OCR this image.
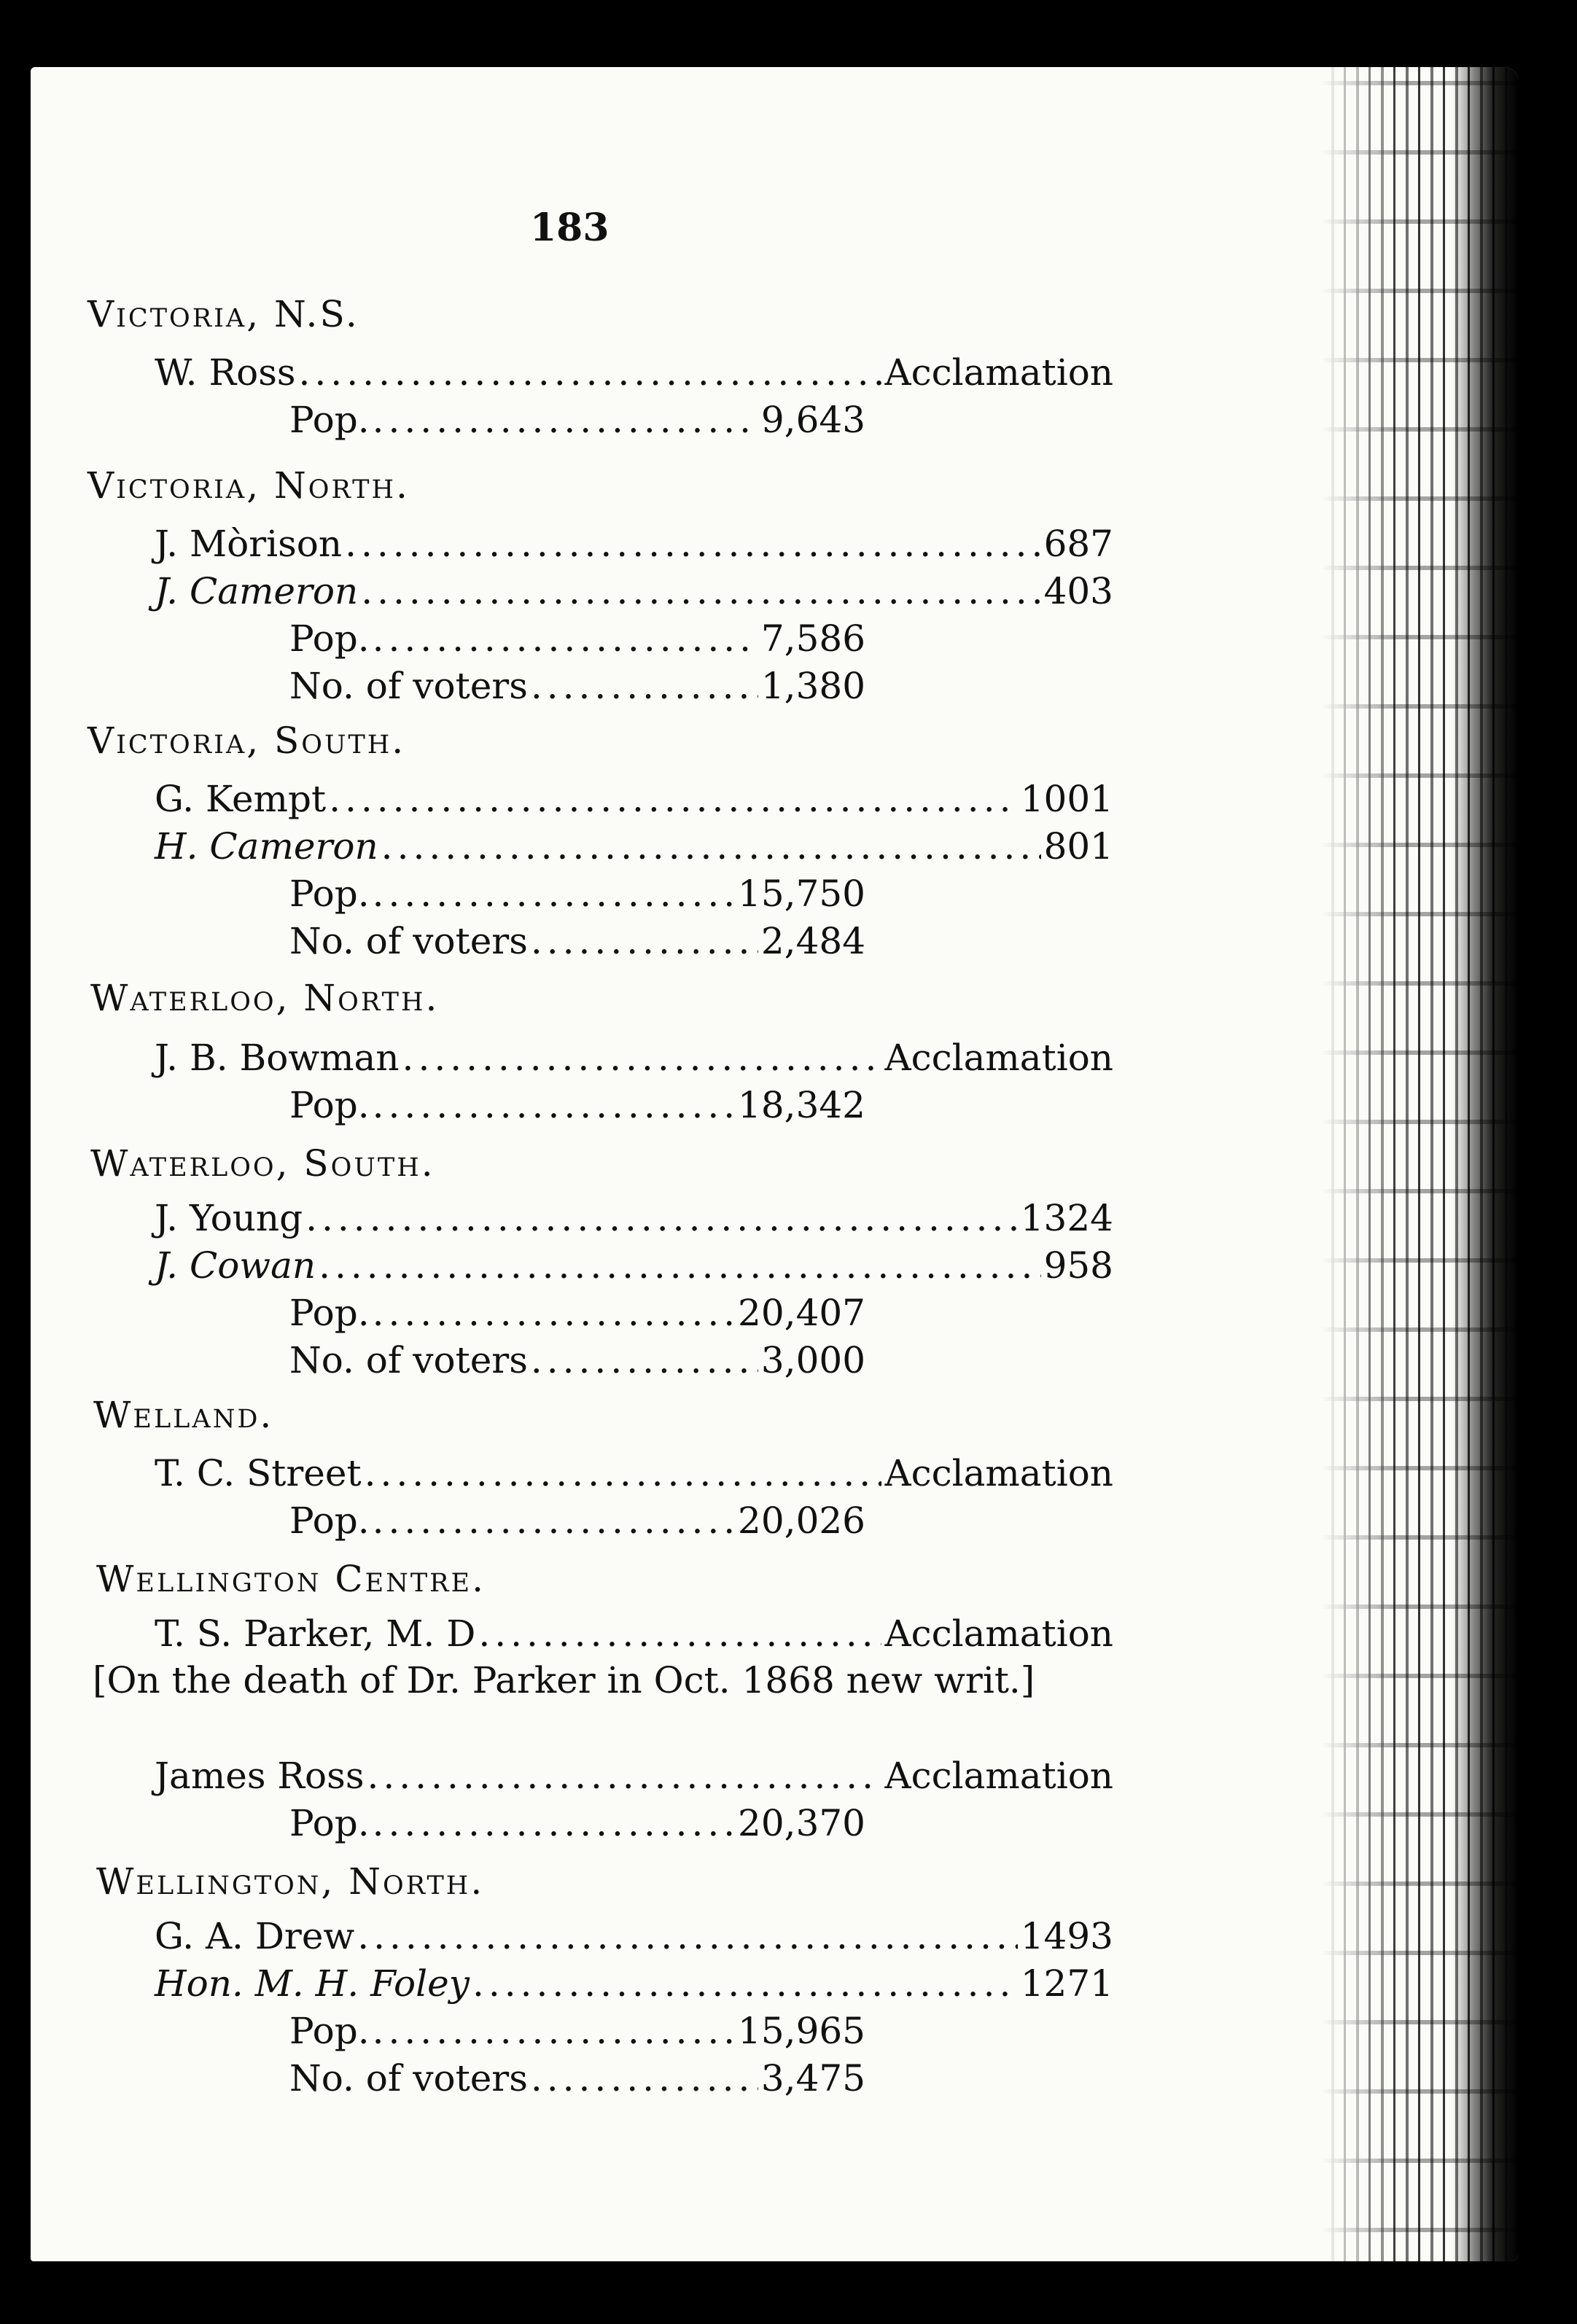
183
Victoria, N.S.
W. Ross .....	Acclamation
Pop. .....	9,643
Victoria, North.
J. Mòrison .....	687
J. Cameron .....	403
Pop. .....	7,586
No. of voters .....	1,380
Victoria, South.
G. Kempt .....	1001
H. Cameron .....	801
Pop. .....	15,750
No. of voters .....	2,484
Waterloo, North.
J. B. Bowman .....	Acclamation
Pop. .....	18,342
Waterloo, South.
J. Young .....	1324
J. Cowan .....	958
Pop. .....	20,407
No. of voters .....	3,000
Welland.
T. C. Street .....	Acclamation
Pop. .....	20,026
Wellington Centre.
T. S. Parker, M. D .....	Acclamation
[On the death of Dr. Parker in Oct. 1868 new writ.]
James Ross .....	Acclamation
Pop. .....	20,370
Wellington, North.
G. A. Drew .....	1493
Hon. M. H. Foley .....	1271
Pop. .....	15,965
No. of voters .....	3,475
